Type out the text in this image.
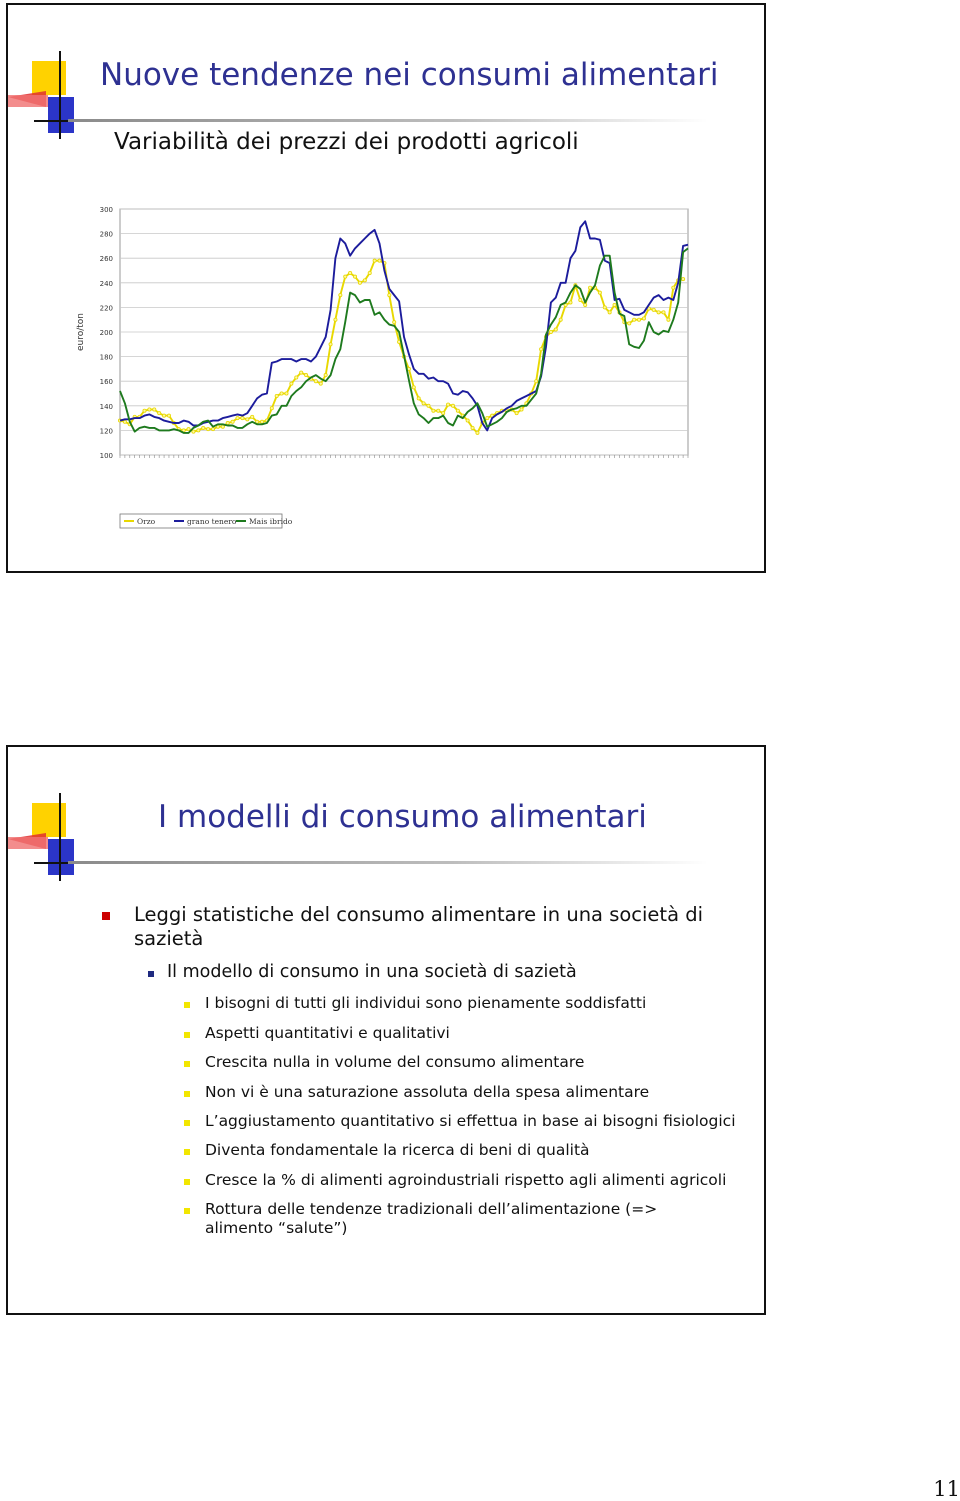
Nuove tendenze nei consumi alimentari
Variabilità dei prezzi dei prodotti agricoli
100
120
140
160
180
200
220
240
260
280
300
euro/ton
Orzo	grano tenero Mais ibrido
I modelli di consumo alimentari
Leggi statistiche del consumo alimentare in una società di sazietà
Il modello di consumo in una società di sazietà
I bisogni di tutti gli individui sono pienamente soddisfatti
Aspetti quantitativi e qualitativi
Crescita nulla in volume del consumo alimentare
Non vi è una saturazione assoluta della spesa alimentare
L’aggiustamento quantitativo si effettua in base ai bisogni fisiologici
Diventa fondamentale la ricerca di beni di qualità
Cresce la % di alimenti agroindustriali rispetto agli alimenti agricoli
Rottura delle tendenze tradizionali dell’alimentazione (=> alimento “salute”)
11
